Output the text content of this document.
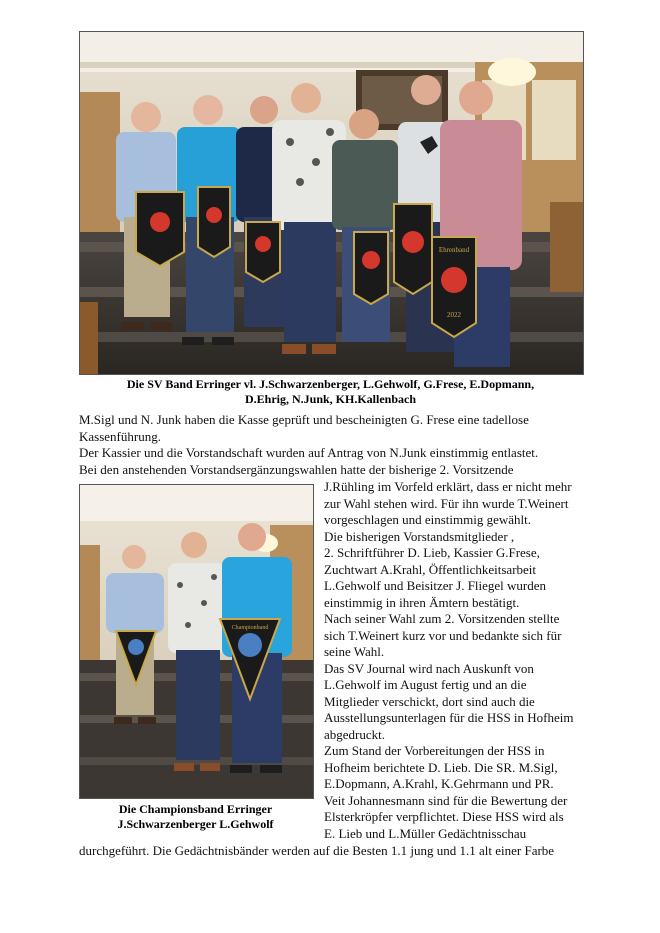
Ehrenband
2022
Die SV Band Erringer vl. J.Schwarzenberger, L.Gehwolf, G.Frese, E.Dopmann,
D.Ehrig, N.Junk, KH.Kallenbach

M.Sigl und N. Junk haben die Kasse geprüft und bescheinigten G. Frese eine tadellose Kassenführung.

Der Kassier und die Vorstandschaft wurden auf Antrag von N.Junk einstimmig entlastet.

Bei den anstehenden Vorstandsergänzungswahlen hatte der bisherige 2. Vorsitzende

Championband
Die Championsband Erringer
J.Schwarzenberger L.Gehwolf
J.Rühling im Vorfeld erklärt, dass er nicht mehr
zur Wahl stehen wird. Für ihn wurde T.Weinert
vorgeschlagen und einstimmig gewählt.
Die bisherigen Vorstandsmitglieder ,
2. Schriftführer D. Lieb, Kassier G.Frese,
Zuchtwart A.Krahl, Öffentlichkeitsarbeit
L.Gehwolf und Beisitzer J. Fliegel wurden
einstimmig in ihren Ämtern bestätigt.
Nach seiner Wahl zum 2. Vorsitzenden stellte
sich T.Weinert kurz vor und bedankte sich für
seine Wahl.
Das SV Journal wird nach Auskunft von
L.Gehwolf im August fertig und an die
Mitglieder verschickt, dort sind auch die
Ausstellungsunterlagen für die HSS in Hofheim
abgedruckt.
Zum Stand der Vorbereitungen der HSS in
Hofheim berichtete D. Lieb. Die SR. M.Sigl,
E.Dopmann, A.Krahl, K.Gehrmann und PR.
Veit Johannesmann sind für die Bewertung der
Elsterkröpfer verpflichtet. Diese HSS wird als
E. Lieb und L.Müller Gedächtnisschau
durchgeführt. Die Gedächtnisbänder werden auf die Besten 1.1 jung und 1.1 alt einer Farbe
